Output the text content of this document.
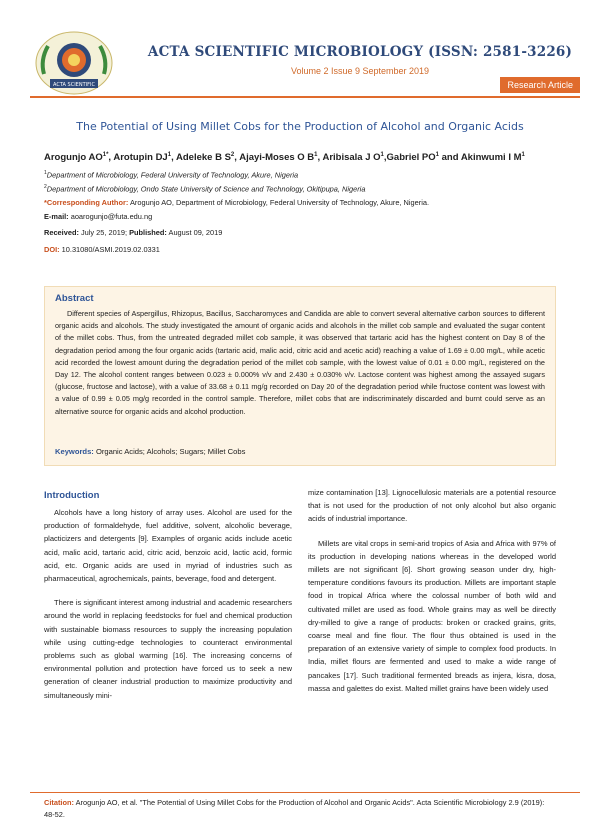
ACTA SCIENTIFIC
ACTA SCIENTIFIC MICROBIOLOGY (ISSN: 2581-3226)
Volume 2 Issue 9 September 2019
Research Article
The Potential of Using Millet Cobs for the Production of Alcohol and Organic Acids
Arogunjo $AO^{1*}$, Arotupin $DJ^1$, Adeleke B $S^2$, Ajayi-Moses O $B^1$, Aribisala J $O^1,Gabriel$ $PO^1$ and Akinwumi I $M^1$
$^1$Department of Microbiology, Federal University of Technology, Akure, Nigeria
$^2$Department of Microbiology, Ondo State University of Science and Technology, Okitipupa, Nigeria
*Corresponding Author: Arogunjo AO, Department of Microbiology, Federal University of Technology, Akure, Nigeria.
E-mail: aoarogunjo@futa.edu.ng
Received: July 25, 2019; Published: August 09, 2019
DOI: 10.31080/ASMI.2019.02.0331
Abstract
Different species of Aspergillus, Rhizopus, Bacillus, Saccharomyces and Candida are able to convert several alternative carbon sources to different organic acids and alcohols. The study investigated the amount of organic acids and alcohols in the millet cob sample and evaluated the sugar content of the millet cobs. Thus, from the untreated degraded millet cob sample, it was observed that tartaric acid has the highest content on Day 8 of the degradation period among the four organic acids (tartaric acid, malic acid, citric acid and acetic acid) reaching a value of 1.69 ± 0.00 mg/L, while acetic acid recorded the lowest amount during the degradation period of the millet cob sample, with the lowest value of 0.01 ± 0.00 mg/L, registered on the Day 12. The alcohol content ranges between 0.023 ± 0.000% v/v and 2.430 ± 0.030% v/v. Lactose content was highest among the assayed sugars (glucose, fructose and lactose), with a value of 33.68 ± 0.11 mg/g recorded on Day 20 of the degradation period while fructose content was lowest with a value of 0.99 ± 0.05 mg/g recorded in the control sample. Therefore, millet cobs that are indiscriminately discarded and burnt could serve as an alternative source for organic acids and alcohol production.
Keywords: Organic Acids; Alcohols; Sugars; Millet Cobs
Introduction

Alcohols have a long history of array uses. Alcohol are used for the production of formaldehyde, fuel additive, solvent, alcoholic beverage, placticizers and detergents [9]. Examples of organic acids include acetic acid, malic acid, tartaric acid, citric acid, benzoic acid, lactic acid, formic acid, etc. Organic acids are used in myriad of industries such as pharmaceutical, agrochemicals, paints, beverage, food and detergent.

There is significant interest among industrial and academic researchers around the world in replacing feedstocks for fuel and chemical production with sustainable biomass resources to supply the increasing population while using cutting-edge technologies to counteract environmental problems such as global warming [16]. The increasing concerns of environmental pollution and protection have forced us to seek a new generation of cleaner industrial production to maximize productivity and simultaneously mini-

mize contamination [13]. Lignocellulosic materials are a potential resource that is not used for the production of not only alcohol but also organic acids of industrial importance.

Millets are vital crops in semi-arid tropics of Asia and Africa with 97% of its production in developing nations whereas in the developed world millets are not significant [6]. Short growing season under dry, high-temperature conditions favours its production. Millets are important staple food in tropical Africa where the colossal number of both wild and cultivated millet are used as food. Whole grains may as well be directly dry-milled to give a range of products: broken or cracked grains, grits, coarse meal and fine flour. The flour thus obtained is used in the preparation of an extensive variety of simple to complex food products. In India, millet flours are fermented and used to make a wide range of pancakes [17]. Such traditional fermented breads as injera, kisra, dosa, massa and galettes do exist. Malted millet grains have been widely used

Citation: Arogunjo AO, et al. "The Potential of Using Millet Cobs for the Production of Alcohol and Organic Acids". Acta Scientific Microbiology 2.9 (2019): 48-52.
